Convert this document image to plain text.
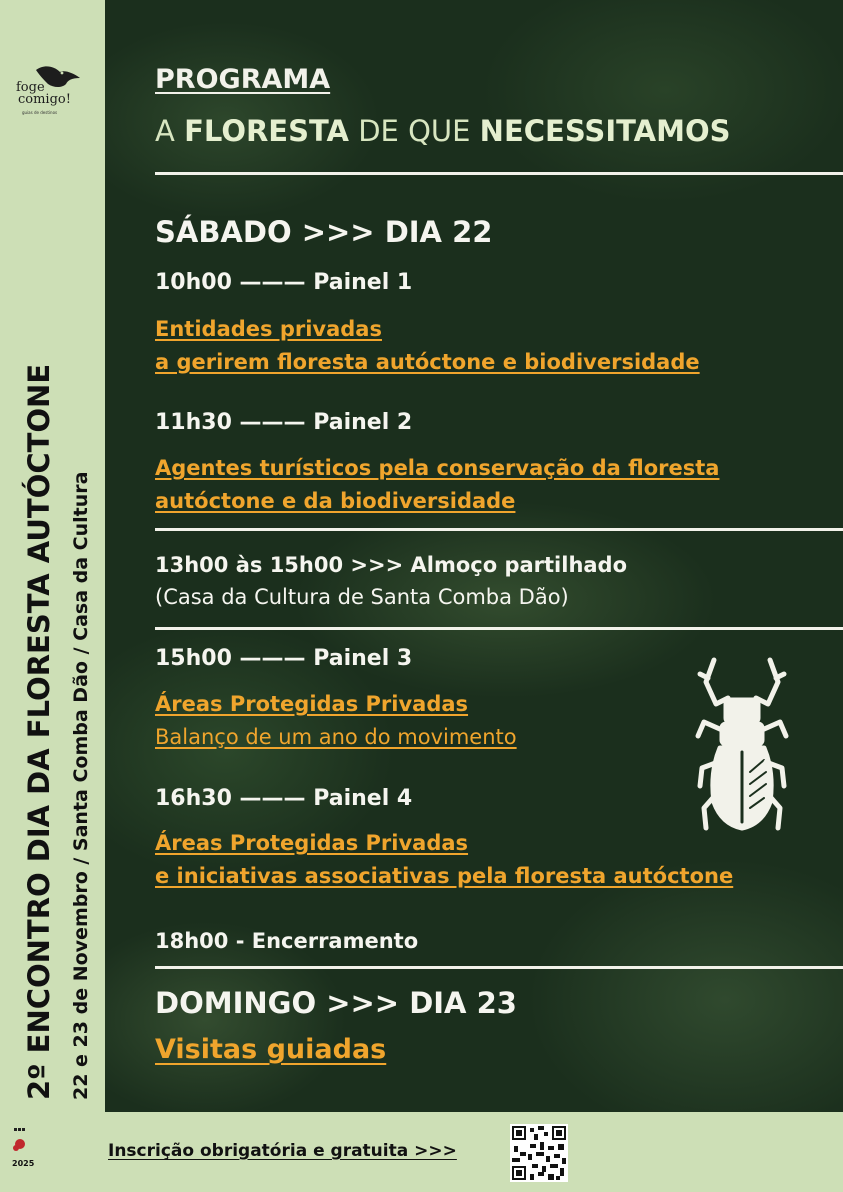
foge
comigo!
guias de destinos
2º ENCONTRO DIA DA FLORESTA AUTÓCTONE 22 e 23 de Novembro / Santa Comba Dão / Casa da Cultura
2025
PROGRAMA
A FLORESTA DE QUE NECESSITAMOS
SÁBADO >>> DIA 22
10h00 ——— Painel 1
Entidades privadas
a gerirem floresta autóctone e biodiversidade
11h30 ——— Painel 2
Agentes turísticos pela conservação da floresta
autóctone e da biodiversidade
13h00 às 15h00 >>> Almoço partilhado
(Casa da Cultura de Santa Comba Dão)
15h00 ——— Painel 3
Áreas Protegidas Privadas
Balanço de um ano do movimento
16h30 ——— Painel 4
Áreas Protegidas Privadas
e iniciativas associativas pela floresta autóctone
18h00 - Encerramento
DOMINGO >>> DIA 23
Visitas guiadas
Inscrição obrigatória e gratuita >>>
